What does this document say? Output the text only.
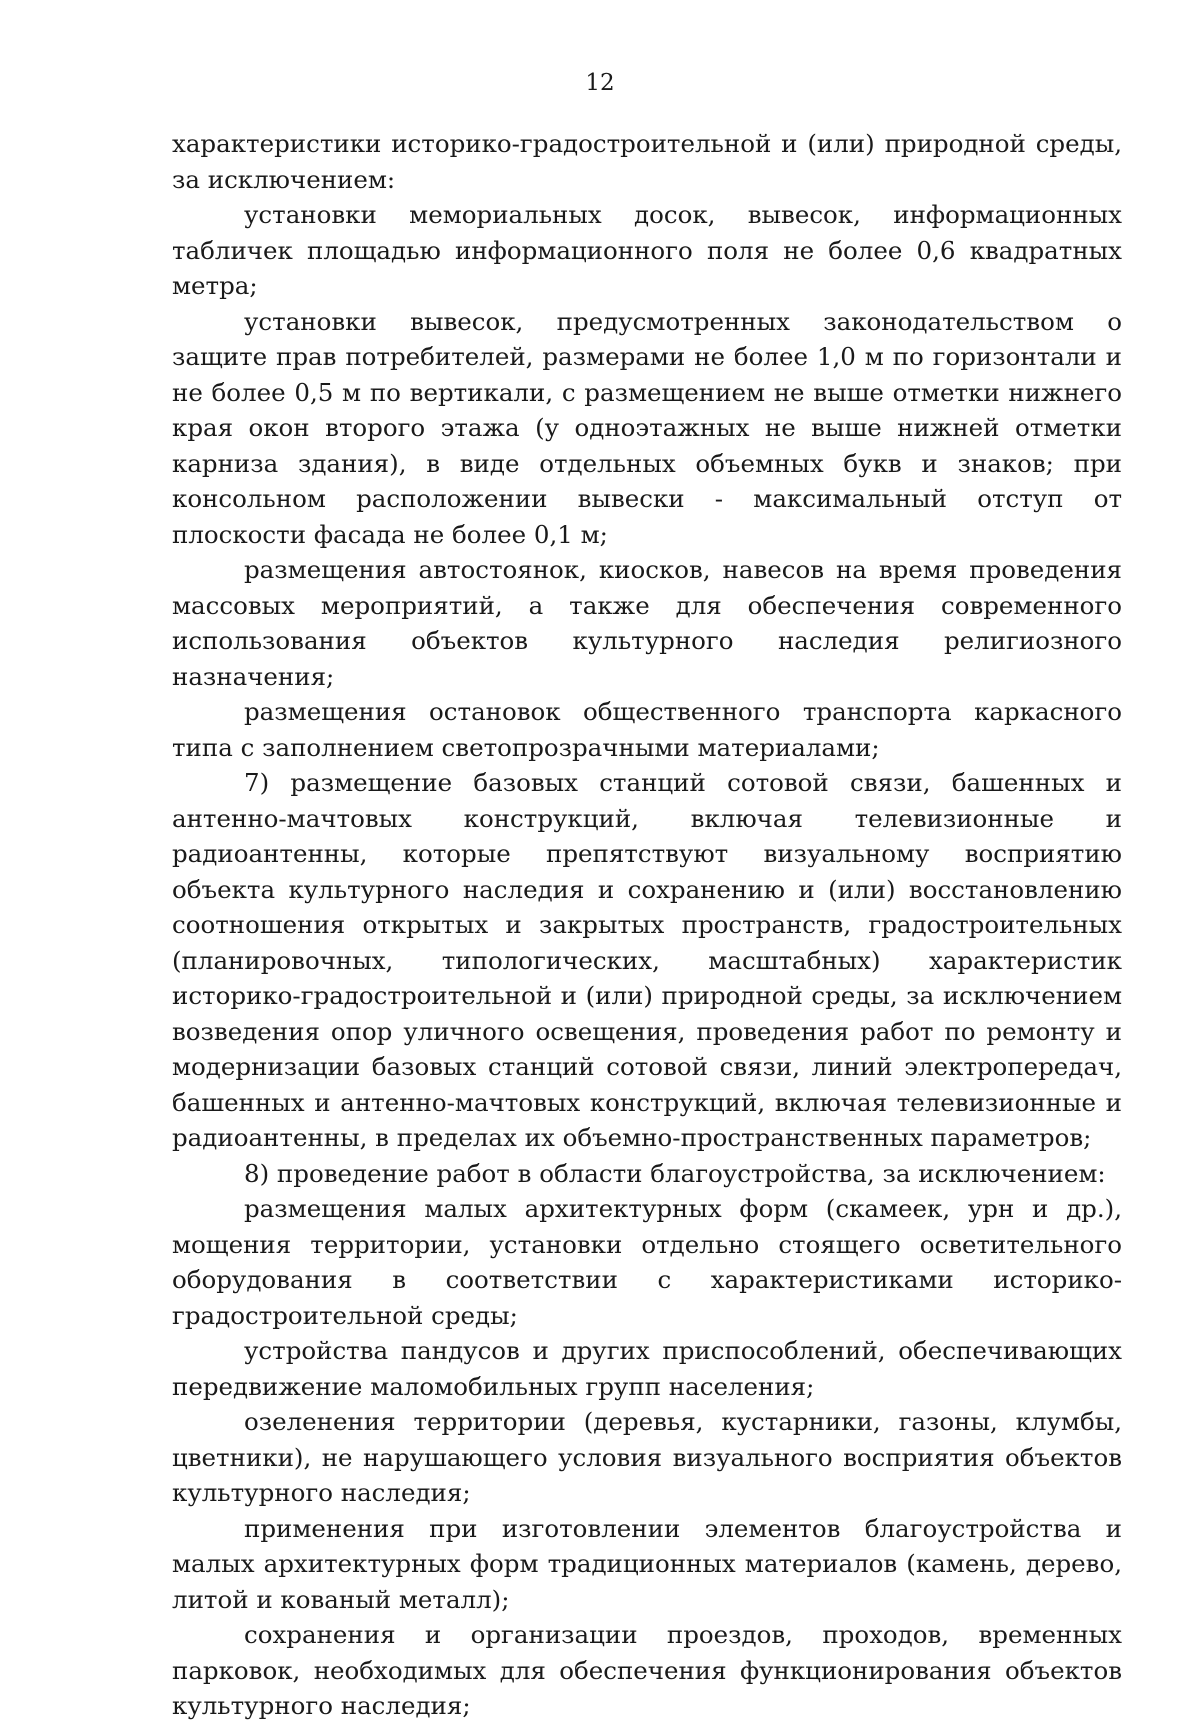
12

характеристики историко-градостроительной и (или) природной среды, за исключением:

установки мемориальных досок, вывесок, информационных табличек площадью информационного поля не более 0,6 квадратных метра;

установки вывесок, предусмотренных законодательством о защите прав потребителей, размерами не более 1,0 м по горизонтали и не более 0,5 м по вертикали, с размещением не выше отметки нижнего края окон второго этажа (у одноэтажных не выше нижней отметки карниза здания), в виде отдельных объемных букв и знаков; при консольном расположении вывески - максимальный отступ от плоскости фасада не более 0,1 м;

размещения автостоянок, киосков, навесов на время проведения массовых мероприятий, а также для обеспечения современного использования объектов культурного наследия религиозного назначения;

размещения остановок общественного транспорта каркасного типа с заполнением светопрозрачными материалами;

7) размещение базовых станций сотовой связи, башенных и антенно-мачтовых конструкций, включая телевизионные и радиоантенны, которые препятствуют визуальному восприятию объекта культурного наследия и сохранению и (или) восстановлению соотношения открытых и закрытых пространств, градостроительных (планировочных, типологических, масштабных) характеристик историко-градостроительной и (или) природной среды, за исключением возведения опор уличного освещения, проведения работ по ремонту и модернизации базовых станций сотовой связи, линий электропередач, башенных и антенно-мачтовых конструкций, включая телевизионные и радиоантенны, в пределах их объемно-пространственных параметров;

8) проведение работ в области благоустройства, за исключением:

размещения малых архитектурных форм (скамеек, урн и др.), мощения территории, установки отдельно стоящего осветительного оборудования в соответствии с характеристиками историко-градостроительной среды;

устройства пандусов и других приспособлений, обеспечивающих передвижение маломобильных групп населения;

озеленения территории (деревья, кустарники, газоны, клумбы, цветники), не нарушающего условия визуального восприятия объектов культурного наследия;

применения при изготовлении элементов благоустройства и малых архитектурных форм традиционных материалов (камень, дерево, литой и кованый металл);

сохранения и организации проездов, проходов, временных парковок, необходимых для обеспечения функционирования объектов культурного наследия;
